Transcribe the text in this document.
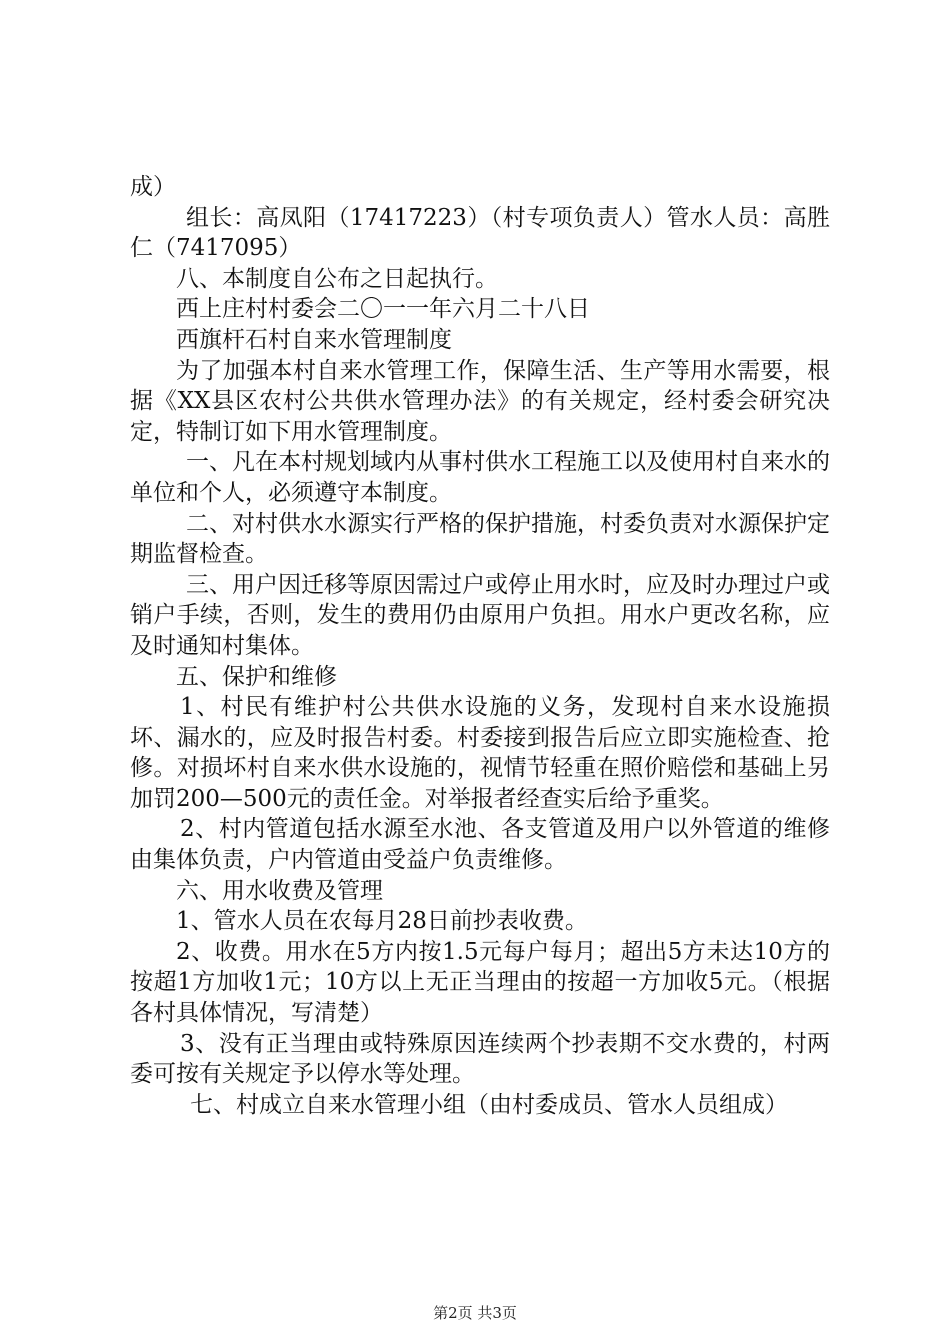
成）

组长：高凤阳（17417223）（村专项负责人）管水人员：高胜仁（7417095）

八、本制度自公布之日起执行。

西上庄村村委会二〇一一年六月二十八日

西旗杆石村自来水管理制度

为了加强本村自来水管理工作，保障生活、生产等用水需要，根据《XX县区农村公共供水管理办法》的有关规定，经村委会研究决定，特制订如下用水管理制度。

一、凡在本村规划域内从事村供水工程施工以及使用村自来水的单位和个人，必须遵守本制度。

二、对村供水水源实行严格的保护措施，村委负责对水源保护定期监督检查。

三、用户因迁移等原因需过户或停止用水时，应及时办理过户或销户手续，否则，发生的费用仍由原用户负担。用水户更改名称，应及时通知村集体。

五、保护和维修

1、村民有维护村公共供水设施的义务，发现村自来水设施损坏、漏水的，应及时报告村委。村委接到报告后应立即实施检查、抢修。对损坏村自来水供水设施的，视情节轻重在照价赔偿和基础上另加罚200—500元的责任金。对举报者经查实后给予重奖。

2、村内管道包括水源至水池、各支管道及用户以外管道的维修由集体负责，户内管道由受益户负责维修。

六、用水收费及管理

1、管水人员在农每月28日前抄表收费。

2、收费。用水在5方内按1.5元每户每月；超出5方未达10方的按超1方加收1元；10方以上无正当理由的按超一方加收5元。（根据各村具体情况，写清楚）

3、没有正当理由或特殊原因连续两个抄表期不交水费的，村两委可按有关规定予以停水等处理。

七、村成立自来水管理小组（由村委成员、管水人员组成）

第2页 共3页
